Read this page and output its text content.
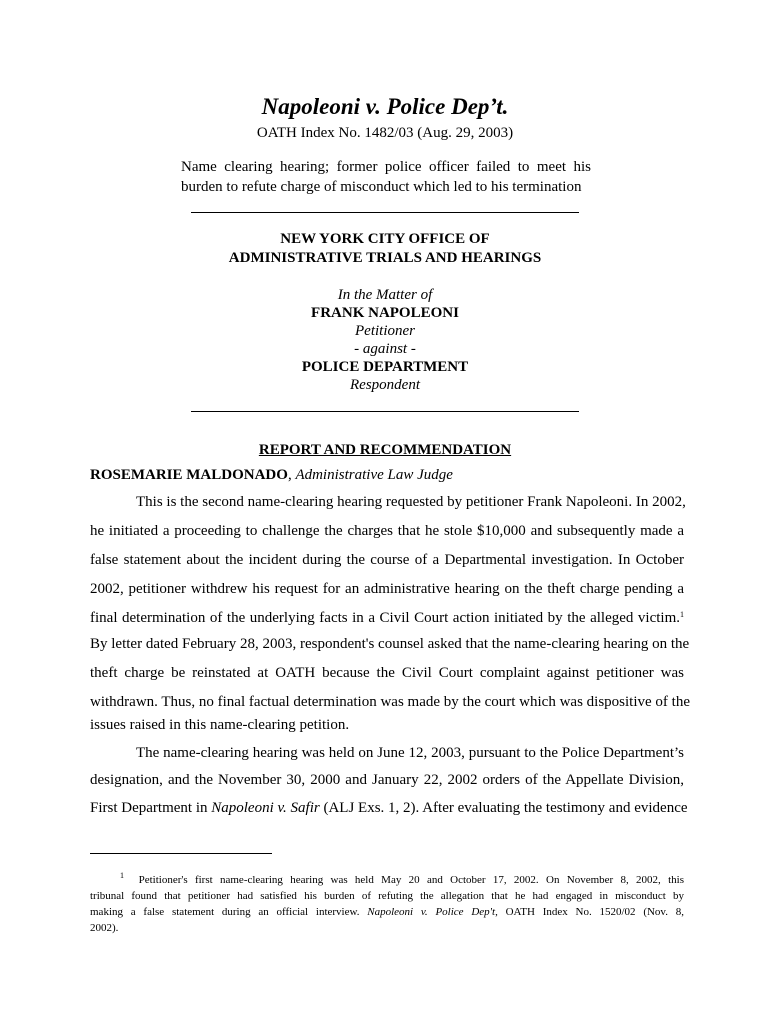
Napoleoni v. Police Dep’t.
OATH Index No. 1482/03 (Aug. 29, 2003)
Name clearing hearing; former police officer failed to meet his
burden to refute charge of misconduct which led to his termination
NEW YORK CITY OFFICE OF
ADMINISTRATIVE TRIALS AND HEARINGS
In the Matter of
FRANK NAPOLEONI
Petitioner
- against -
POLICE DEPARTMENT
Respondent
REPORT AND RECOMMENDATION
ROSEMARIE MALDONADO, Administrative Law Judge
This is the second name-clearing hearing requested by petitioner Frank Napoleoni. In 2002,
he initiated a proceeding to challenge the charges that he stole $10,000 and subsequently made a
false statement about the incident during the course of a Departmental investigation. In October
2002, petitioner withdrew his request for an administrative hearing on the theft charge pending a
final determination of the underlying facts in a Civil Court action initiated by the alleged victim.$^1$
By letter dated February 28, 2003, respondent's counsel asked that the name-clearing hearing on the
theft charge be reinstated at OATH because the Civil Court complaint against petitioner was
withdrawn. Thus, no final factual determination was made by the court which was dispositive of the
issues raised in this name-clearing petition.
The name-clearing hearing was held on June 12, 2003, pursuant to the Police Department’s
designation, and the November 30, 2000 and January 22, 2002 orders of the Appellate Division,
First Department in Napoleoni v. Safir (ALJ Exs. 1, 2). After evaluating the testimony and evidence
$^1$ Petitioner's first name-clearing hearing was held May 20 and October 17, 2002. On November 8, 2002, this
tribunal found that petitioner had satisfied his burden of refuting the allegation that he had engaged in misconduct by
making a false statement during an official interview. Napoleoni v. Police Dep't, OATH Index No. 1520/02 (Nov. 8,
2002).
